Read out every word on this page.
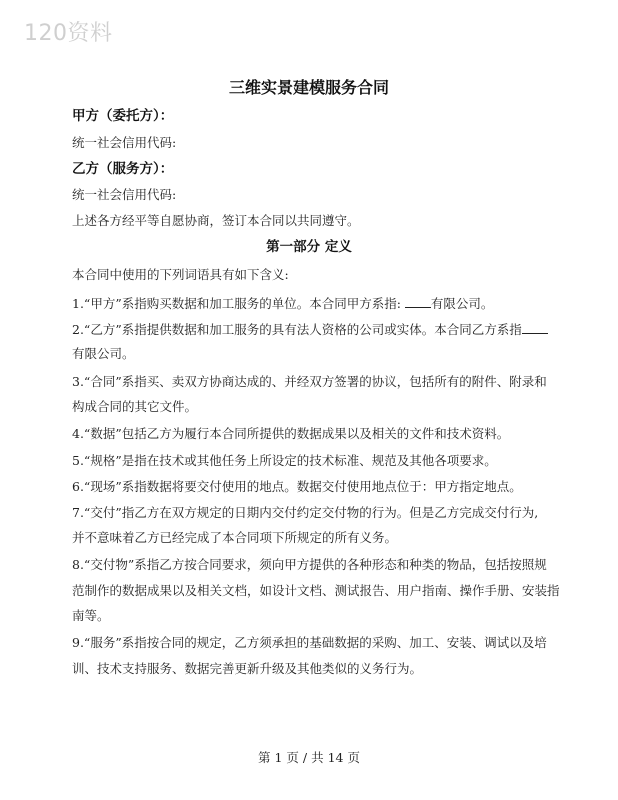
120资料
三维实景建模服务合同
甲方（委托方）：
统一社会信用代码:
乙方（服务方）：
统一社会信用代码:
上述各方经平等自愿协商，签订本合同以共同遵守。
第一部分 定义
本合同中使用的下列词语具有如下含义:
1.“甲方”系指购买数据和加工服务的单位。本合同甲方系指: 有限公司。
2.“乙方”系指提供数据和加工服务的具有法人资格的公司或实体。本合同乙方系指
有限公司。
3.“合同”系指买、卖双方协商达成的、并经双方签署的协议，包括所有的附件、附录和
构成合同的其它文件。
4.“数据”包括乙方为履行本合同所提供的数据成果以及相关的文件和技术资料。
5.“规格”是指在技术或其他任务上所设定的技术标准、规范及其他各项要求。
6.“现场”系指数据将要交付使用的地点。数据交付使用地点位于：甲方指定地点。
7.“交付”指乙方在双方规定的日期内交付约定交付物的行为。但是乙方完成交付行为,
并不意味着乙方已经完成了本合同项下所规定的所有义务。
8.“交付物”系指乙方按合同要求，须向甲方提供的各种形态和种类的物品，包括按照规
范制作的数据成果以及相关文档，如设计文档、测试报告、用户指南、操作手册、安装指
南等。
9.“服务”系指按合同的规定，乙方须承担的基础数据的采购、加工、安装、调试以及培
训、技术支持服务、数据完善更新升级及其他类似的义务行为。
第 1 页 / 共 14 页
